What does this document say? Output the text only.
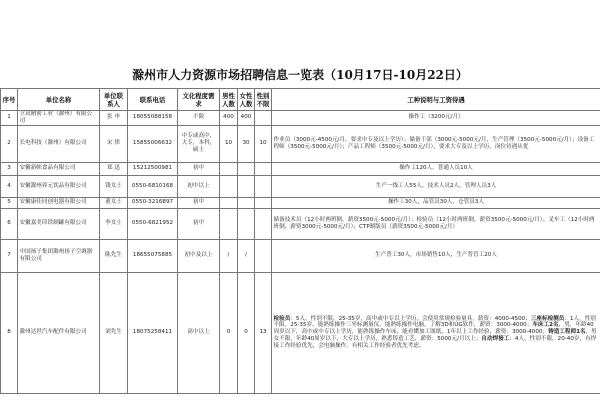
滁州市人力资源市场招聘信息一览表（10月17日-10月22日）
序号	单位名称	单位联系人	联系电话	文化程度需求	男性人数	女性人数	性别不限	工种说明与工资待遇
1	立讯精密工业（滁州）有限公司	张 申	18055088158	不限	400	400		操作工（3200元/月）
2	长电科技（滁州）有限公司	宋 律	15855006632	中专或高中，大专，本科，硕士	10	30	10	作业员（3000元-4500元/月，要求中专及以上学历）；储备干部（3000元-5000元/月，生产管理（3500元-5000元/月）；设备工程师（3500元-5000元/月）；产品工程师（3500元-5000元/月），要求大专及以上学历，岗位待遇从优
3	安徽新帜食品有限公司	郑 迅	15212500981	初中				操作工120人，普通人员10人
4	安徽滁州养元饮品有限公司	钱女士	0550-6810168	初中以上				生产一线工人55人，技术人员2人，管理人员3人
5	安徽康佳同创电器有限公司	董女士	0550-3216897	初中				操作工30人，品管员30人，仓管员3人
6	安徽嘉美印铁制罐有限公司	李女士	0550-6821952	初中				储备技术员（12小时两班倒，薪资3500元-5000元/月）；检验员（12小时两班倒，薪资3500元-5000元/月）；叉车工（12小时两班倒，薪资3000元-5000元/月）；CTP制版员（薪资3500元-5000元/月）
7	中国扬子集团滁州扬子空调器有限公司	陈先生	18655075885	初中及以上	/	/		生产普工30人，市场销售10人，生产普管工20人
8	滁州达世汽车配件有限公司	刘先生	18075258411	高中以上	0	0	13	检验员：5人，性别不限，25-35岁，高中或中专以上学历，会使用常规检验量具，薪资：4000-4500；三座标检测员：1人，性别不限，25-35岁，能熟练操作三坐标测量仪，能熟练操作电脑，了解3D和UG软件，薪资：3000-4000；车床工2名，男，年龄40周岁以下，高中或中专以上学历，能熟练操作车床，能看懂加工图纸，1年以上工作经验，薪资：3000-4000；铸造工程师1名，男女不限，年龄40周岁以下，大专以上学历，熟悉铸造工艺，薪资：5000元/月以上；自动焊接工：4人，性别不限，20-40岁，有焊接工作经验优先，会电脑操作，有相关工作经验者优先考虑。
